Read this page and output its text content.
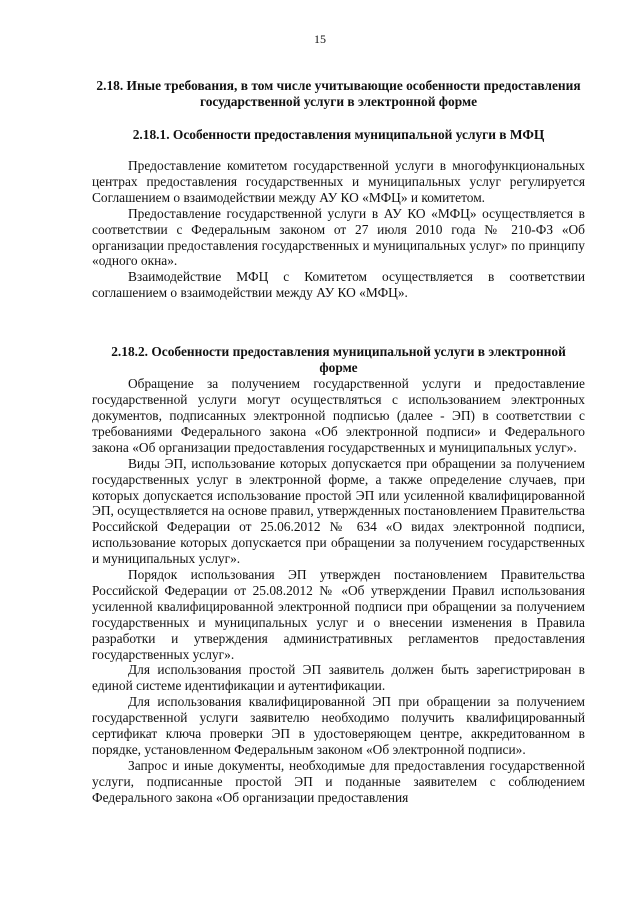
15
2.18. Иные требования, в том числе учитывающие особенности предоставления государственной услуги в электронной форме
2.18.1. Особенности предоставления муниципальной услуги в МФЦ

Предоставление комитетом государственной услуги в многофункциональных центрах предоставления государственных и муниципальных услуг регулируется Соглашением о взаимодействии между АУ КО «МФЦ» и комитетом.

Предоставление государственной услуги в АУ КО «МФЦ» осуществляется в соответствии с Федеральным законом от 27 июля 2010 года № 210-ФЗ «Об организации предоставления государственных и муниципальных услуг» по принципу «одного окна».

Взаимодействие МФЦ с Комитетом осуществляется в соответствии соглашением о взаимодействии между АУ КО «МФЦ».

2.18.2. Особенности предоставления муниципальной услуги в электронной форме

Обращение за получением государственной услуги и предоставление государственной услуги могут осуществляться с использованием электронных документов, подписанных электронной подписью (далее - ЭП) в соответствии с требованиями Федерального закона «Об электронной подписи» и Федерального закона «Об организации предоставления государственных и муниципальных услуг».

Виды ЭП, использование которых допускается при обращении за получением государственных услуг в электронной форме, а также определение случаев, при которых допускается использование простой ЭП или усиленной квалифицированной ЭП, осуществляется на основе правил, утвержденных постановлением Правительства Российской Федерации от 25.06.2012 № 634 «О видах электронной подписи, использование которых допускается при обращении за получением государственных и муниципальных услуг».

Порядок использования ЭП утвержден постановлением Правительства Российской Федерации от 25.08.2012 № «Об утверждении Правил использования усиленной квалифицированной электронной подписи при обращении за получением государственных и муниципальных услуг и о внесении изменения в Правила разработки и утверждения административных регламентов предоставления государственных услуг».

Для использования простой ЭП заявитель должен быть зарегистрирован в единой системе идентификации и аутентификации.

Для использования квалифицированной ЭП при обращении за получением государственной услуги заявителю необходимо получить квалифицированный сертификат ключа проверки ЭП в удостоверяющем центре, аккредитованном в порядке, установленном Федеральным законом «Об электронной подписи».

Запрос и иные документы, необходимые для предоставления государственной услуги, подписанные простой ЭП и поданные заявителем с соблюдением Федерального закона «Об организации предоставления
